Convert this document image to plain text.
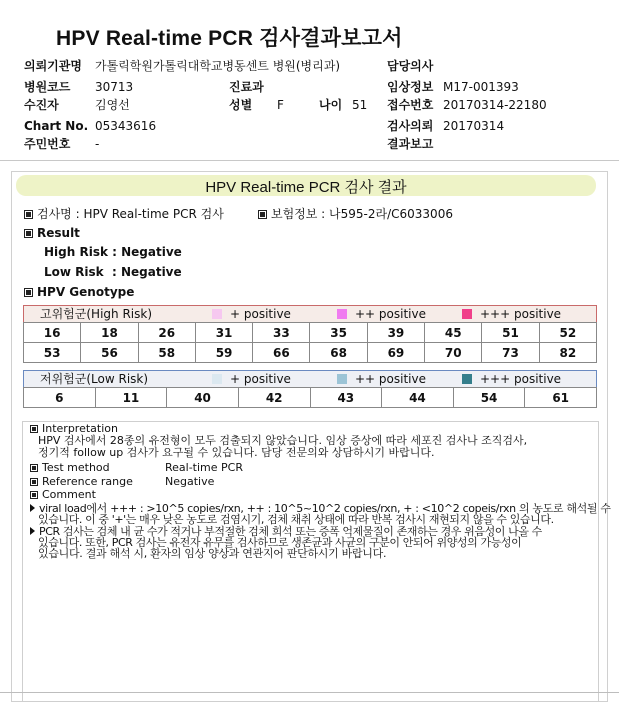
HPV Real-time PCR 검사결과보고서
의뢰기관명 가톨릭학원가톨릭대학교병동센트 병원(병리과)
병원코드 30713
수진자	김영선
Chart No. 05343616
주민번호 -
진료과
성별 F	나이 51
담당의사
임상정보 M17-001393
접수번호 20170314-22180
검사의뢰 20170314
결과보고
HPV Real-time PCR 검사 결과
검사명 : HPV Real-time PCR 검사	보험정보 : 나595-2라/C6033006
Result
High Risk : Negative
Low Risk  : Negative
HPV Genotype
고위험군(High Risk)	+ positive	++ positive	+++ positive
16	18	26	31	33	35	39	45	51	52
53	56	58	59	66	68	69	70	73	82
저위험군(Low Risk)	+ positive	++ positive	+++ positive
6	11	40	42	43	44	54	61
Interpretation
HPV 검사에서 28종의 유전형이 모두 검출되지 않았습니다. 임상 증상에 따라 세포진 검사나 조직검사,
정기적 follow up 검사가 요구될 수 있습니다. 담당 전문의와 상담하시기 바랍니다.
Test method	Real-time PCR
Reference range	Negative
Comment
viral load에서 +++ : >10^5 copies/rxn, ++ : 10^5~10^2 copies/rxn, + : <10^2 copeis/rxn 의 농도로 해석될 수
있습니다. 이 중 '+'는 매우 낮은 농도로 검염시기, 검체 채취 상태에 따라 반복 검사시 재현되지 않을 수 있습니다.
PCR 검사는 검체 내 균 수가 적거나 부적절한 검체 희석 또는 증폭 억제물질이 존재하는 경우 위음성이 나올 수
있습니다. 또한, PCR 검사는 유전자 유무를 검사하므로 생존균과 사균의 구분이 안되어 위양성의 가능성이
있습니다. 결과 해석 시, 환자의 임상 양상과 연관지어 판단하시기 바랍니다.
